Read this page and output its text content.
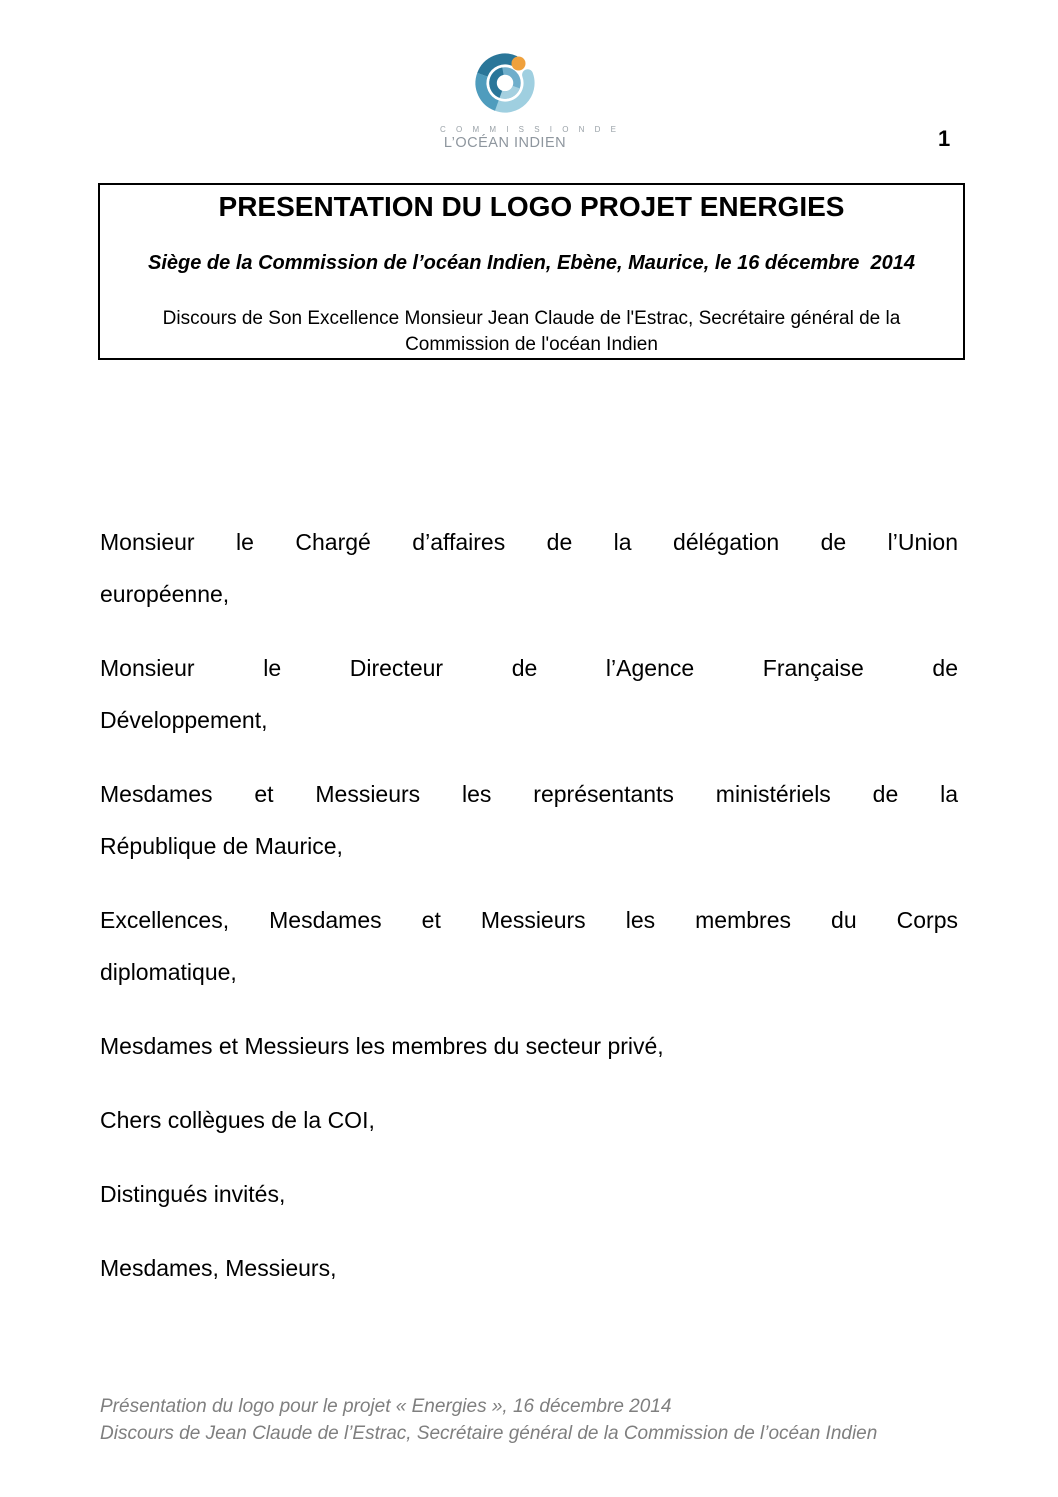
C O M M I S S I O N D E
L’OCÉAN INDIEN	1
PRESENTATION DU LOGO PROJET ENERGIES
Siège de la Commission de l’océan Indien, Ebène, Maurice, le 16 décembre  2014
Discours de Son Excellence Monsieur Jean Claude de l'Estrac, Secrétaire général de la
Commission de l'océan Indien

Monsieur le Chargé d’affaires de la délégation de l’Union
européenne,

Monsieur le Directeur de l’Agence Française de
Développement,

Mesdames et Messieurs les représentants ministériels de la
République de Maurice,

Excellences, Mesdames et Messieurs les membres du Corps
diplomatique,

Mesdames et Messieurs les membres du secteur privé,

Chers collègues de la COI,

Distingués invités,

Mesdames, Messieurs,

Présentation du logo pour le projet « Energies », 16 décembre 2014
Discours de Jean Claude de l’Estrac, Secrétaire général de la Commission de l’océan Indien
